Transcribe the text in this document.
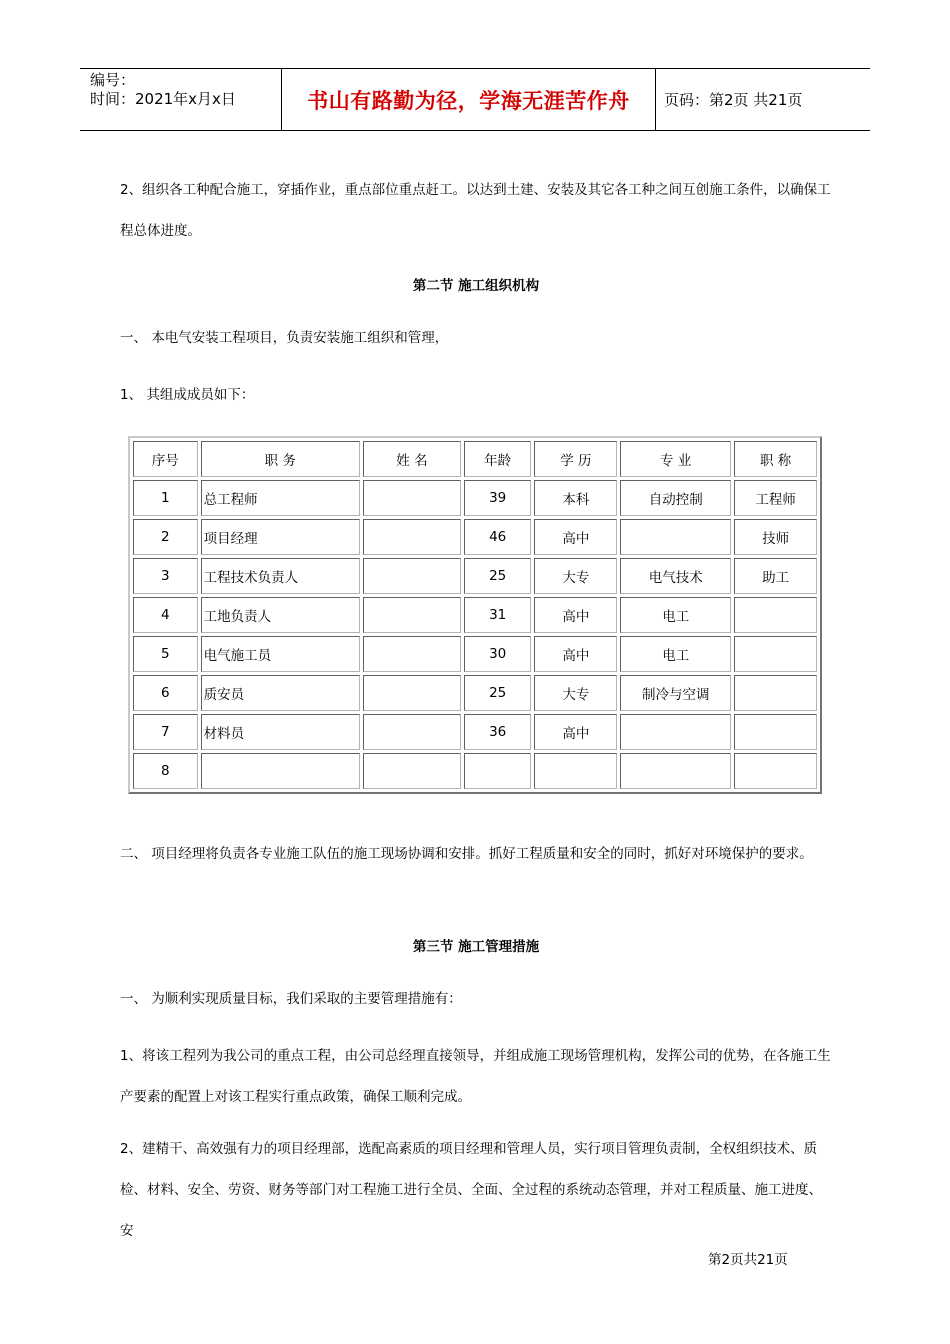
编号：
时间：2021年x月x日	书山有路勤为径，学海无涯苦作舟	页码：第2页 共21页
2、组织各工种配合施工，穿插作业，重点部位重点赶工。以达到土建、安装及其它各工种之间互创施工条件，以确保工程总体进度。
第二节 施工组织机构
一、 本电气安装工程项目，负责安装施工组织和管理，
1、 其组成成员如下：
序号	职 务	姓 名	年龄	学 历	专 业	职 称
1	总工程师		39	本科	自动控制	工程师
2	项目经理		46	高中		技师
3	工程技术负责人		25	大专	电气技术	助工
4	工地负责人		31	高中	电工	
5	电气施工员		30	高中	电工	
6	质安员		25	大专	制冷与空调	
7	材料员		36	高中		
8						
二、 项目经理将负责各专业施工队伍的施工现场协调和安排。抓好工程质量和安全的同时，抓好对环境保护的要求。
第三节 施工管理措施
一、 为顺利实现质量目标，我们采取的主要管理措施有：
1、将该工程列为我公司的重点工程，由公司总经理直接领导，并组成施工现场管理机构，发挥公司的优势，在各施工生产要素的配置上对该工程实行重点政策，确保工顺利完成。
2、建精干、高效强有力的项目经理部，选配高素质的项目经理和管理人员，实行项目管理负责制，全权组织技术、质检、材料、安全、劳资、财务等部门对工程施工进行全员、全面、全过程的系统动态管理，并对工程质量、施工进度、安
第2页共21页
